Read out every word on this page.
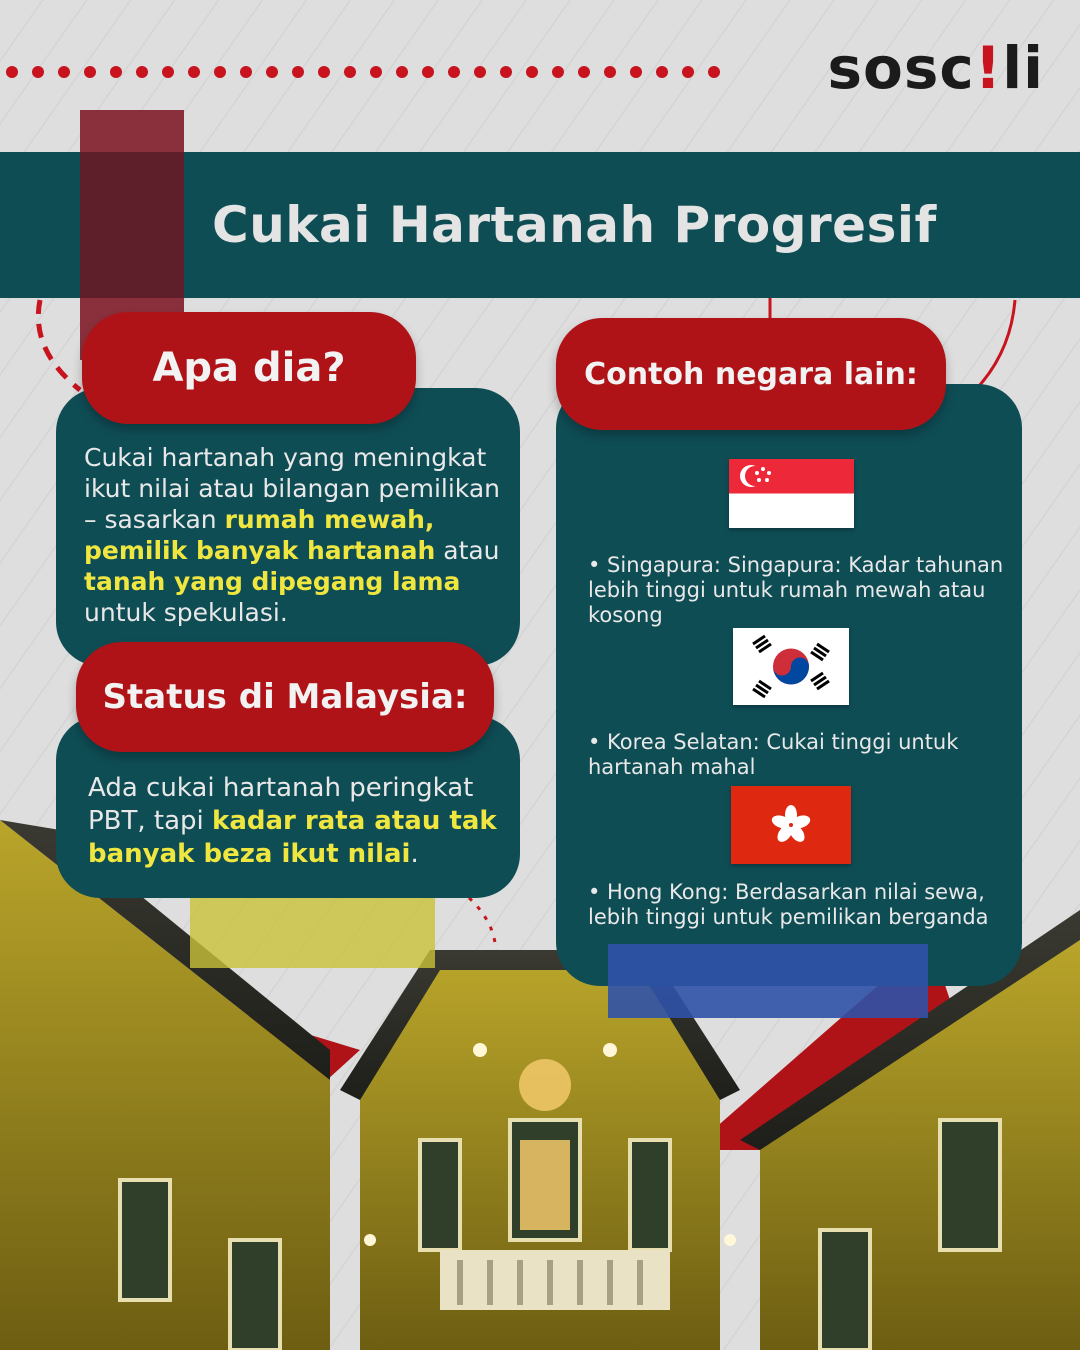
sosc!li
Cukai Hartanah Progresif

Cukai hartanah yang meningkat ikut nilai atau bilangan pemilikan – sasarkan rumah mewah, pemilik banyak hartanah atau tanah yang dipegang lama untuk spekulasi.

Apa dia?

Ada cukai hartanah peringkat PBT, tapi kadar rata atau tak banyak beza ikut nilai.

Status di Malaysia:
Contoh negara lain:
• Singapura: Singapura: Kadar tahunan lebih tinggi untuk rumah mewah atau kosong
• Korea Selatan: Cukai tinggi untuk hartanah mahal
• Hong Kong: Berdasarkan nilai sewa, lebih tinggi untuk pemilikan berganda
